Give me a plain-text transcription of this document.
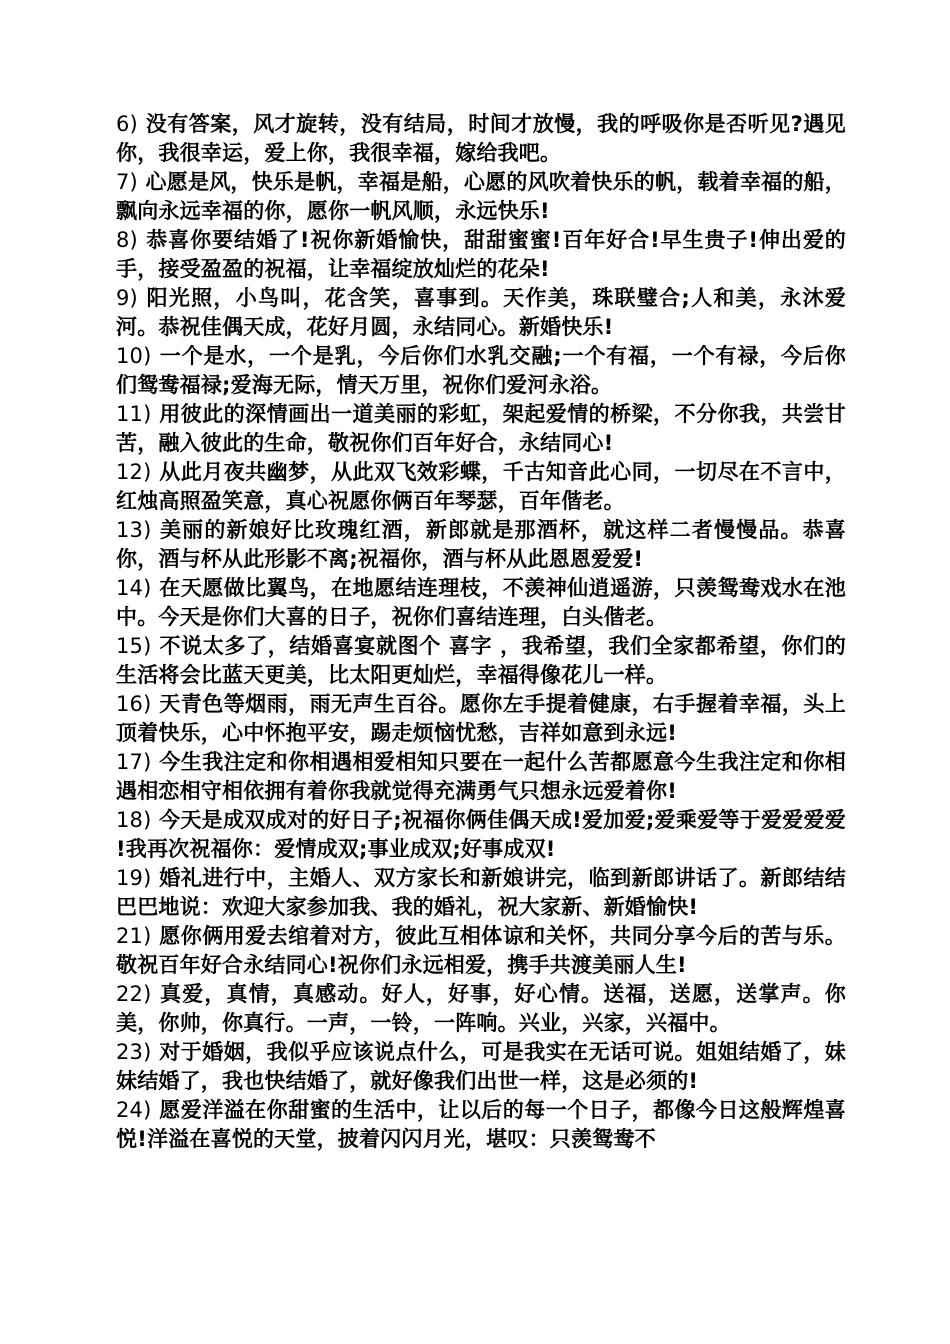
6) 没有答案，风才旋转，没有结局，时间才放慢，我的呼吸你是否听见?遇见你，我很幸运，爱上你，我很幸福，嫁给我吧。

7) 心愿是风，快乐是帆，幸福是船，心愿的风吹着快乐的帆，载着幸福的船，飘向永远幸福的你，愿你一帆风顺，永远快乐!

8) 恭喜你要结婚了!祝你新婚愉快，甜甜蜜蜜!百年好合!早生贵子!伸出爱的手，接受盈盈的祝福，让幸福绽放灿烂的花朵!

9) 阳光照，小鸟叫，花含笑，喜事到。天作美，珠联璧合;人和美，永沐爱河。恭祝佳偶天成，花好月圆，永结同心。新婚快乐!

10) 一个是水，一个是乳，今后你们水乳交融;一个有福，一个有禄，今后你们鸳鸯福禄;爱海无际，情天万里，祝你们爱河永浴。

11) 用彼此的深情画出一道美丽的彩虹，架起爱情的桥梁，不分你我，共尝甘苦，融入彼此的生命，敬祝你们百年好合，永结同心!

12) 从此月夜共幽梦，从此双飞效彩蝶，千古知音此心同，一切尽在不言中，红烛高照盈笑意，真心祝愿你俩百年琴瑟，百年偕老。

13) 美丽的新娘好比玫瑰红酒，新郎就是那酒杯，就这样二者慢慢品。恭喜你，酒与杯从此形影不离;祝福你，酒与杯从此恩恩爱爱!

14) 在天愿做比翼鸟，在地愿结连理枝，不羡神仙逍遥游，只羡鸳鸯戏水在池中。今天是你们大喜的日子，祝你们喜结连理，白头偕老。

15) 不说太多了，结婚喜宴就图个 喜字 ，我希望，我们全家都希望，你们的生活将会比蓝天更美，比太阳更灿烂，幸福得像花儿一样。

16) 天青色等烟雨，雨无声生百谷。愿你左手提着健康，右手握着幸福，头上顶着快乐，心中怀抱平安，踢走烦恼忧愁，吉祥如意到永远!

17) 今生我注定和你相遇相爱相知只要在一起什么苦都愿意今生我注定和你相遇相恋相守相依拥有着你我就觉得充满勇气只想永远爱着你!

18) 今天是成双成对的好日子;祝福你俩佳偶天成!爱加爱;爱乘爱等于爱爱爱爱 !我再次祝福你：爱情成双;事业成双;好事成双!

19) 婚礼进行中，主婚人、双方家长和新娘讲完，临到新郎讲话了。新郎结结巴巴地说：欢迎大家参加我、我的婚礼，祝大家新、新婚愉快!

21) 愿你俩用爱去绾着对方，彼此互相体谅和关怀，共同分享今后的苦与乐。敬祝百年好合永结同心!祝你们永远相爱，携手共渡美丽人生!

22) 真爱，真情，真感动。好人，好事，好心情。送福，送愿，送掌声。你美，你帅，你真行。一声，一铃，一阵响。兴业，兴家，兴福中。

23) 对于婚姻，我似乎应该说点什么，可是我实在无话可说。姐姐结婚了，妹妹结婚了，我也快结婚了，就好像我们出世一样，这是必须的!

24) 愿爱洋溢在你甜蜜的生活中，让以后的每一个日子，都像今日这般辉煌喜悦!洋溢在喜悦的天堂，披着闪闪月光，堪叹：只羡鸳鸯不
